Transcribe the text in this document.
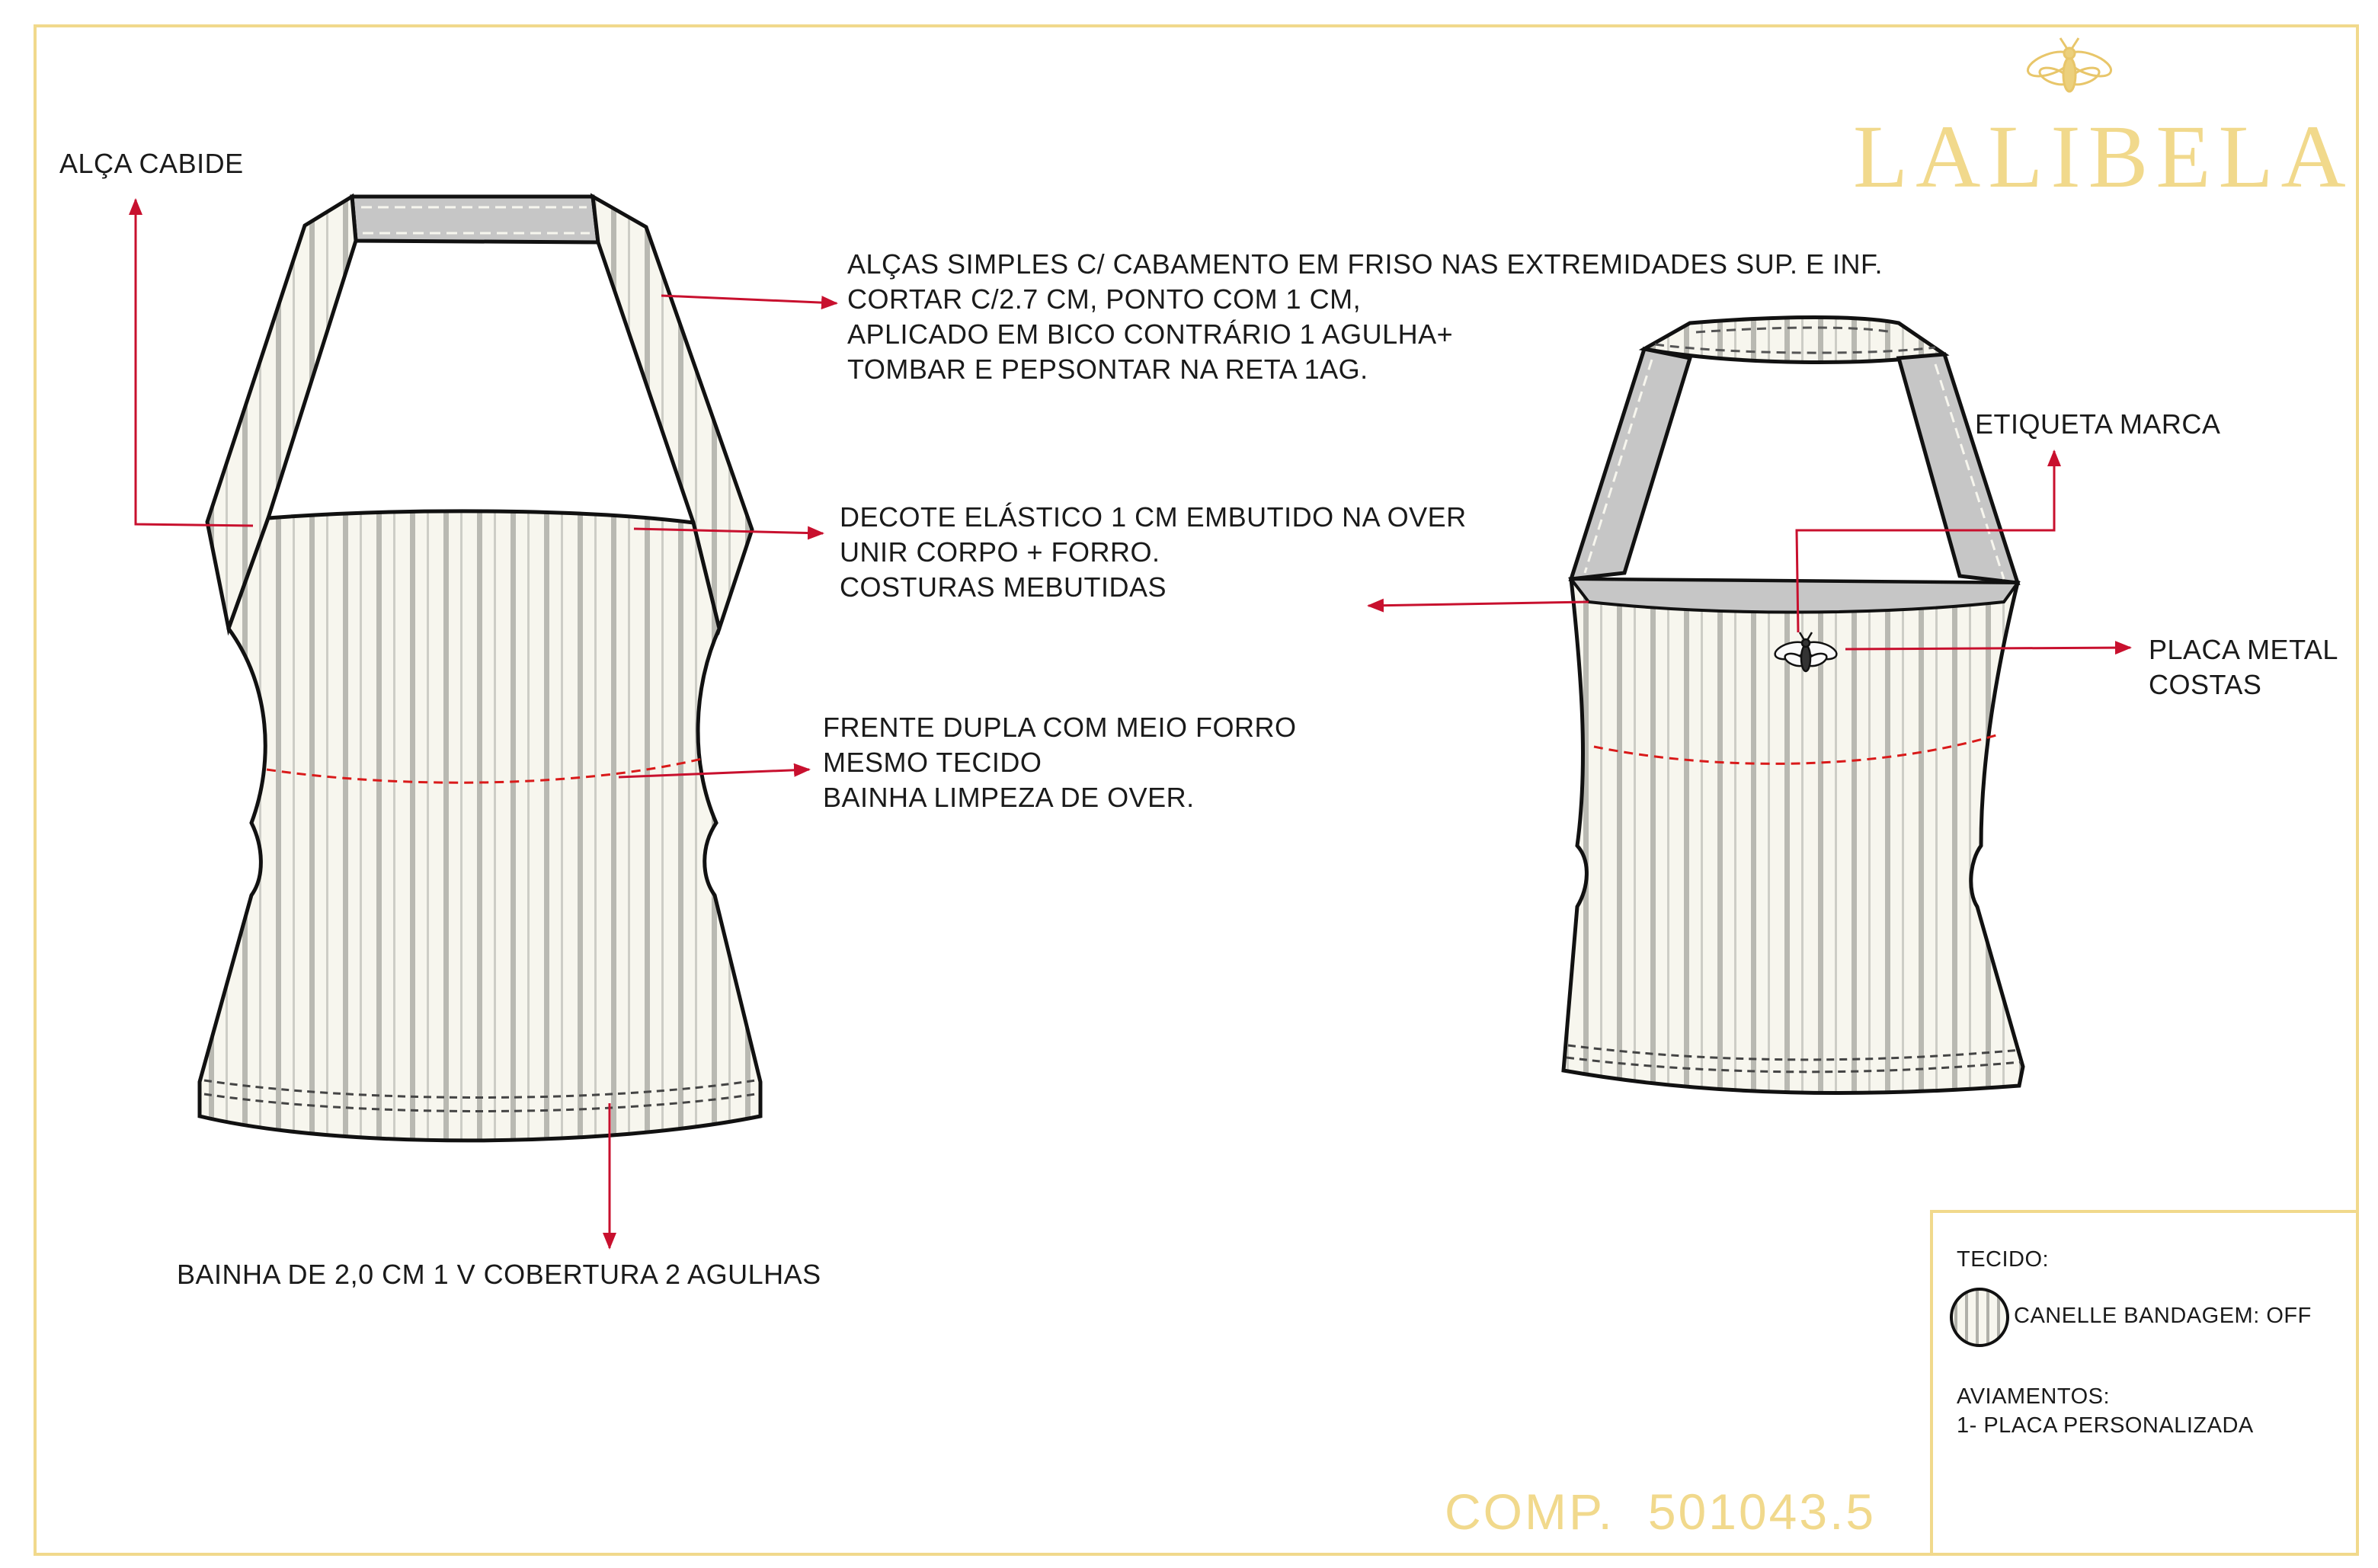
LALIBELA
ALÇA CABIDE
ALÇAS SIMPLES C/ CABAMENTO EM FRISO NAS EXTREMIDADES SUP. E INF.
CORTAR C/2.7 CM, PONTO COM 1 CM,
APLICADO EM BICO CONTRÁRIO 1 AGULHA+
TOMBAR E PEPSONTAR NA RETA 1AG.
DECOTE ELÁSTICO 1 CM EMBUTIDO NA OVER
UNIR CORPO + FORRO.
COSTURAS MEBUTIDAS
FRENTE DUPLA COM MEIO FORRO
MESMO TECIDO
BAINHA LIMPEZA DE OVER.
BAINHA DE 2,0 CM 1 V COBERTURA 2 AGULHAS
ETIQUETA MARCA
PLACA METAL
COSTAS
TECIDO:
CANELLE BANDAGEM: OFF
AVIAMENTOS:
1- PLACA PERSONALIZADA
COMP. 501043.5
